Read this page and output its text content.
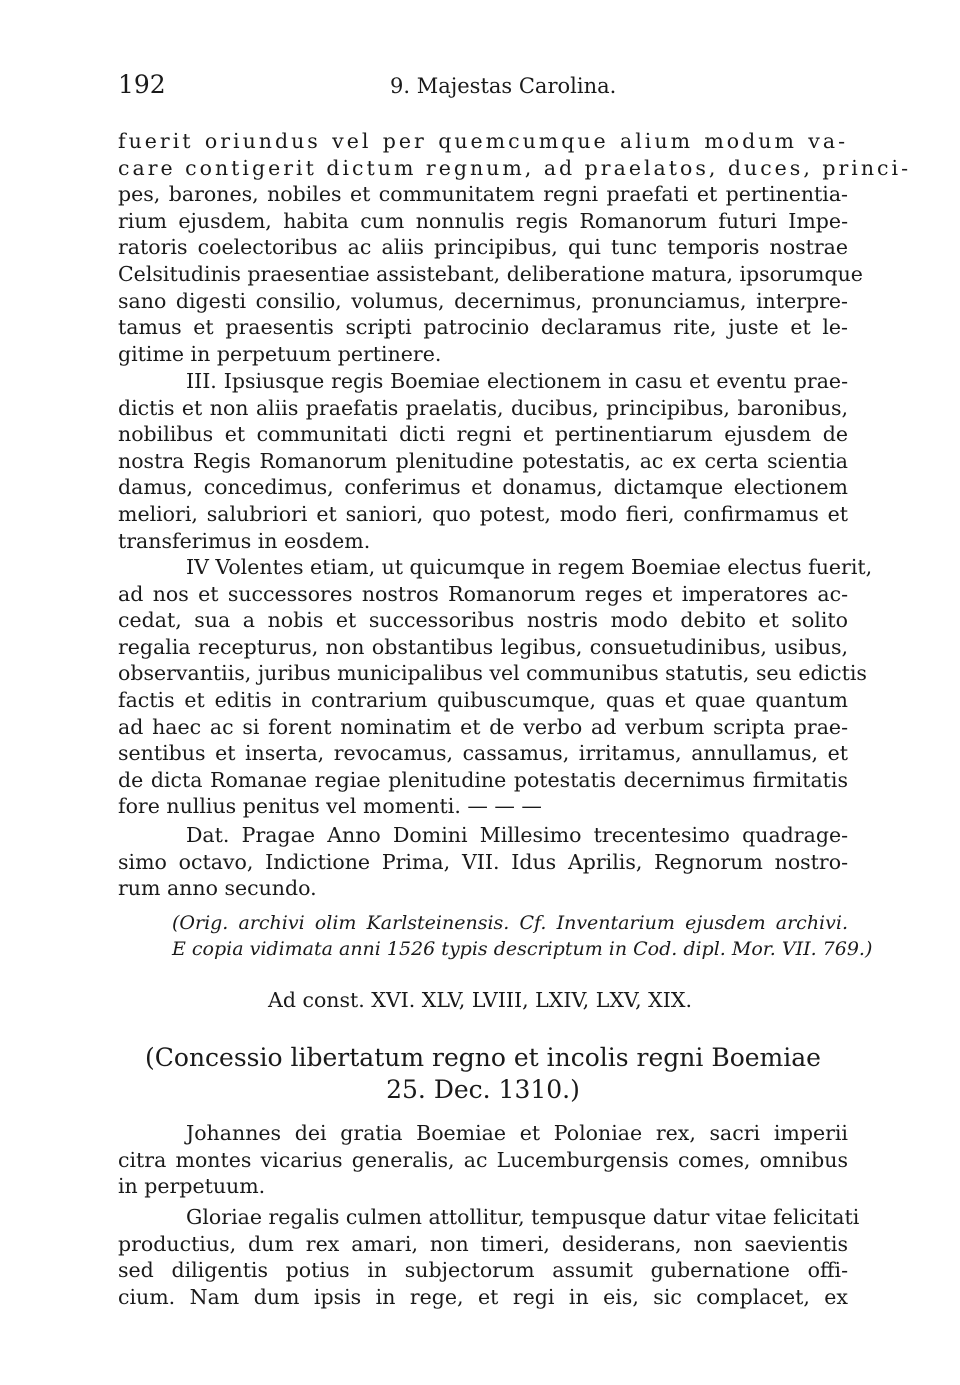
192	9. Majestas Carolina.
fuerit oriundus vel per quemcumque alium modum va-
care contigerit dictum regnum, ad praelatos, duces, princi-
pes, barones, nobiles et communitatem regni praefati et pertinentia-
rium ejusdem, habita cum nonnulis regis Romanorum futuri Impe-
ratoris coelectoribus ac aliis principibus, qui tunc temporis nostrae
Celsitudinis praesentiae assistebant, deliberatione matura, ipsorumque
sano digesti consilio, volumus, decernimus, pronunciamus, interpre-
tamus et praesentis scripti patrocinio declaramus rite, juste et le-
gitime in perpetuum pertinere.
III. Ipsiusque regis Boemiae electionem in casu et eventu prae-
dictis et non aliis praefatis praelatis, ducibus, principibus, baronibus,
nobilibus et communitati dicti regni et pertinentiarum ejusdem de
nostra Regis Romanorum plenitudine potestatis, ac ex certa scientia
damus, concedimus, conferimus et donamus, dictamque electionem
meliori, salubriori et saniori, quo potest, modo fieri, confirmamus et
transferimus in eosdem.
IV Volentes etiam, ut quicumque in regem Boemiae electus fuerit,
ad nos et successores nostros Romanorum reges et imperatores ac-
cedat, sua a nobis et successoribus nostris modo debito et solito
regalia recepturus, non obstantibus legibus, consuetudinibus, usibus,
observantiis, juribus municipalibus vel communibus statutis, seu edictis
factis et editis in contrarium quibuscumque, quas et quae quantum
ad haec ac si forent nominatim et de verbo ad verbum scripta prae-
sentibus et inserta, revocamus, cassamus, irritamus, annullamus, et
de dicta Romanae regiae plenitudine potestatis decernimus firmitatis
fore nullius penitus vel momenti. — — —
Dat. Pragae Anno Domini Millesimo trecentesimo quadrage-
simo octavo, Indictione Prima, VII. Idus Aprilis, Regnorum nostro-
rum anno secundo.
(Orig. archivi olim Karlsteinensis. Cf. Inventarium ejusdem archivi.
E copia vidimata anni 1526 typis descriptum in Cod. dipl. Mor. VII. 769.)
Ad const. XVI. XLV, LVIII, LXIV, LXV, XIX.
(Concessio libertatum regno et incolis regni Boemiae
25. Dec. 1310.)
Johannes dei gratia Boemiae et Poloniae rex, sacri imperii
citra montes vicarius generalis, ac Lucemburgensis comes, omnibus
in perpetuum.
Gloriae regalis culmen attollitur, tempusque datur vitae felicitati
productius, dum rex amari, non timeri, desiderans, non saevientis
sed diligentis potius in subjectorum assumit gubernatione offi-
cium. Nam dum ipsis in rege, et regi in eis, sic complacet, ex
